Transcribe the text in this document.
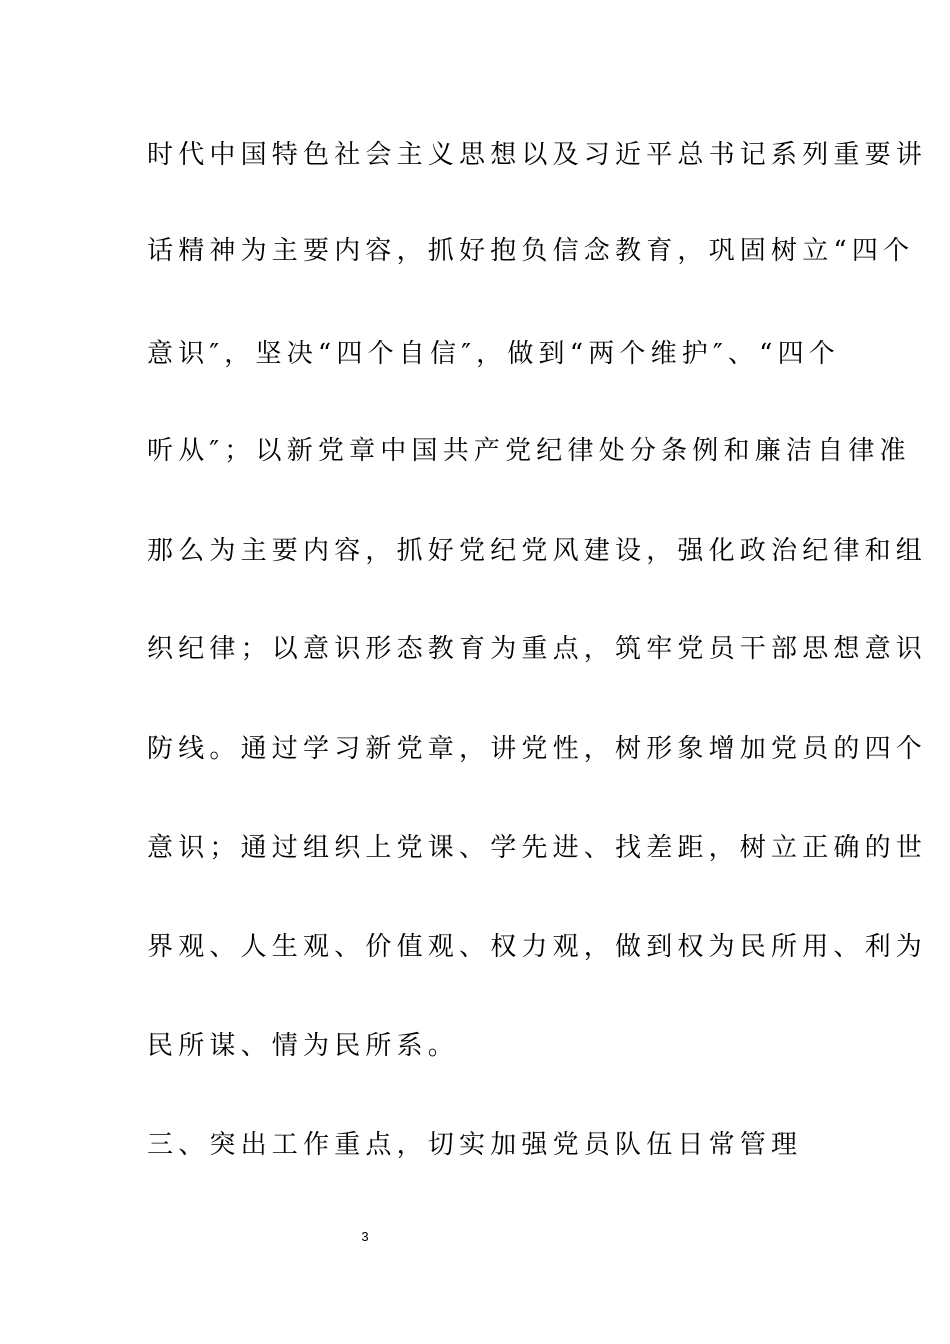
时代中国特色社会主义思想以及习近平总书记系列重要讲
话精神为主要内容，抓好抱负信念教育，巩固树立“四个
意识″，坚决“四个自信″，做到“两个维护″、“四个
听从″；以新党章中国共产党纪律处分条例和廉洁自律准
那么为主要内容，抓好党纪党风建设，强化政治纪律和组
织纪律；以意识形态教育为重点，筑牢党员干部思想意识
防线。通过学习新党章，讲党性，树形象增加党员的四个
意识；通过组织上党课、学先进、找差距，树立正确的世
界观、人生观、价值观、权力观，做到权为民所用、利为
民所谋、情为民所系。
三、突出工作重点，切实加强党员队伍日常管理
3
